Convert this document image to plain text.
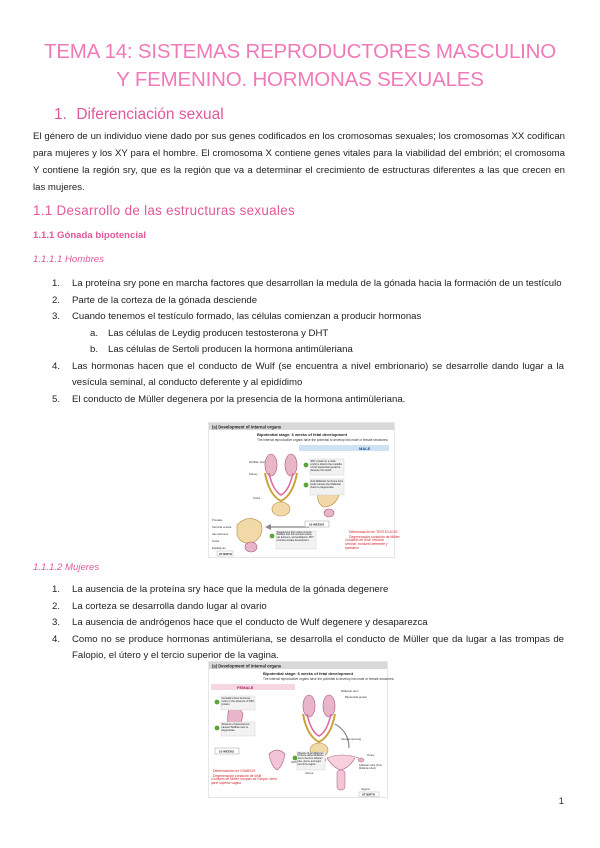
TEMA 14: SISTEMAS REPRODUCTORES MASCULINO
Y FEMENINO. HORMONAS SEXUALES
1. Diferenciación sexual
El género de un individuo viene dado por sus genes codificados en los cromosomas sexuales; los cromosomas XX codifican para mujeres y los XY para el hombre. El cromosoma X contiene genes vitales para la viabilidad del embrión; el cromosoma Y contiene la región sry, que es la región que va a determinar el crecimiento de estructuras diferentes a las que crecen en las mujeres.
1.1 Desarrollo de las estructuras sexuales
1.1.1 Gónada bipotencial
1.1.1.1 Hombres
1. La proteína sry pone en marcha factores que desarrollan la medula de la gónada hacia la formación de un testículo
2. Parte de la corteza de la gónada desciende
3. Cuando tenemos el testículo formado, las células comienzan a producir hormonas
a. Las células de Leydig producen testosterona y DHT
b. Las células de Sertoli producen la hormona antimüleriana
4. Las hormonas hacen que el conducto de Wulf (se encuentra a nivel embrionario) se desarrolle dando lugar a la vesícula seminal, al conducto deferente y al epidídimo
5. El conducto de Müller degenera por la presencia de la hormona antimüleriana.
(a) Development of internal organs
Bipotential stage: 6 weeks of fetal development
The internal reproductive organs have the potential to develop into male or female structures.
MALE
Wolffian duct
Kidney
Testis
Prostate
Seminal vesicle
Vas deferens
Testis
Epididymis
SRY protein in a male embryo directs the medulla of the bipotential gonad to develop into testis.
Anti-Müllerian hormone from testis causes the Müllerian ducts to degenerate.
10 WEEKS
Testosterone from testis converts Wolffian duct into seminal vesicle, vas deferens, and epididymis. DHT controls prostate development.
AT BIRTH
Diferenciación en TESTÍCULOS
Degeneración conducto de Müller
Conducto de Wulf: vesícula seminal, conducto deferente y epidídimo
1.1.1.2 Mujeres
1. La ausencia de la proteína sry hace que la medula de la gónada degenere
2. La corteza se desarrolla dando lugar al ovario
3. La ausencia de andrógenos hace que el conducto de Wulf degenere y desaparezca
4. Como no se produce hormonas antimüleriana, se desarrolla el conducto de Müller que da lugar a las trompas de Falopio, el útero y el tercio superior de la vagina.
(a) Development of internal organs
Bipotential stage: 6 weeks of fetal development
The internal reproductive organs have the potential to develop into male or female structures.
FEMALE
Müllerian duct
Bipotential gonad
Cloacal opening
Ovary
Uterus
Fallopian tube (from Müllerian duct)
Vagina
Gonadal cortex becomes ovary in the absence of SRY protein.
Absence of testosterone causes Wolffian duct to degenerate.
10 WEEKS	Absence of anti-Müllerian hormone allows Müllerian duct to become fallopian tube, uterus, and upper part of the vagina.
AT BIRTH
Diferenciación en OVARIOS
Degeneración conducto de Wulf
Conducto de Müller: trompas de Falopio, útero, parte superior vagina
1
